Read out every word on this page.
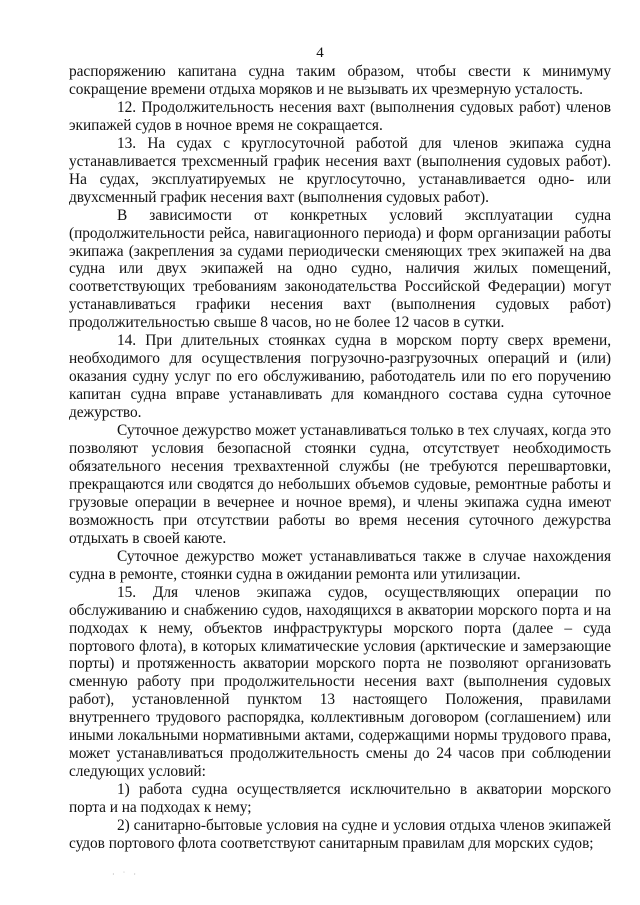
4

распоряжению капитана судна таким образом, чтобы свести к минимуму сокращение времени отдыха моряков и не вызывать их чрезмерную усталость.

12. Продолжительность несения вахт (выполнения судовых работ) членов экипажей судов в ночное время не сокращается.

13. На судах с круглосуточной работой для членов экипажа судна устанавливается трехсменный график несения вахт (выполнения судовых работ). На судах, эксплуатируемых не круглосуточно, устанавливается одно- или двухсменный график несения вахт (выполнения судовых работ).

В зависимости от конкретных условий эксплуатации судна (продолжительности рейса, навигационного периода) и форм организации работы экипажа (закрепления за судами периодически сменяющих трех экипажей на два судна или двух экипажей на одно судно, наличия жилых помещений, соответствующих требованиям законодательства Российской Федерации) могут устанавливаться графики несения вахт (выполнения судовых работ) продолжительностью свыше 8 часов, но не более 12 часов в сутки.

14. При длительных стоянках судна в морском порту сверх времени, необходимого для осуществления погрузочно-разгрузочных операций и (или) оказания судну услуг по его обслуживанию, работодатель или по его поручению капитан судна вправе устанавливать для командного состава судна суточное дежурство.

Суточное дежурство может устанавливаться только в тех случаях, когда это позволяют условия безопасной стоянки судна, отсутствует необходимость обязательного несения трехвахтенной службы (не требуются перешвартовки, прекращаются или сводятся до небольших объемов судовые, ремонтные работы и грузовые операции в вечернее и ночное время), и члены экипажа судна имеют возможность при отсутствии работы во время несения суточного дежурства отдыхать в своей каюте.

Суточное дежурство может устанавливаться также в случае нахождения судна в ремонте, стоянки судна в ожидании ремонта или утилизации.

15. Для членов экипажа судов, осуществляющих операции по обслуживанию и снабжению судов, находящихся в акватории морского порта и на подходах к нему, объектов инфраструктуры морского порта (далее – суда портового флота), в которых климатические условия (арктические и замерзающие порты) и протяженность акватории морского порта не позволяют организовать сменную работу при продолжительности несения вахт (выполнения судовых работ), установленной пунктом 13 настоящего Положения, правилами внутреннего трудового распорядка, коллективным договором (соглашением) или иными локальными нормативными актами, содержащими нормы трудового права, может устанавливаться продолжительность смены до 24 часов при соблюдении следующих условий:

1) работа судна осуществляется исключительно в акватории морского порта и на подходах к нему;

2) санитарно-бытовые условия на судне и условия отдыха членов экипажей судов портового флота соответствуют санитарным правилам для морских судов;

· ˙ ·
